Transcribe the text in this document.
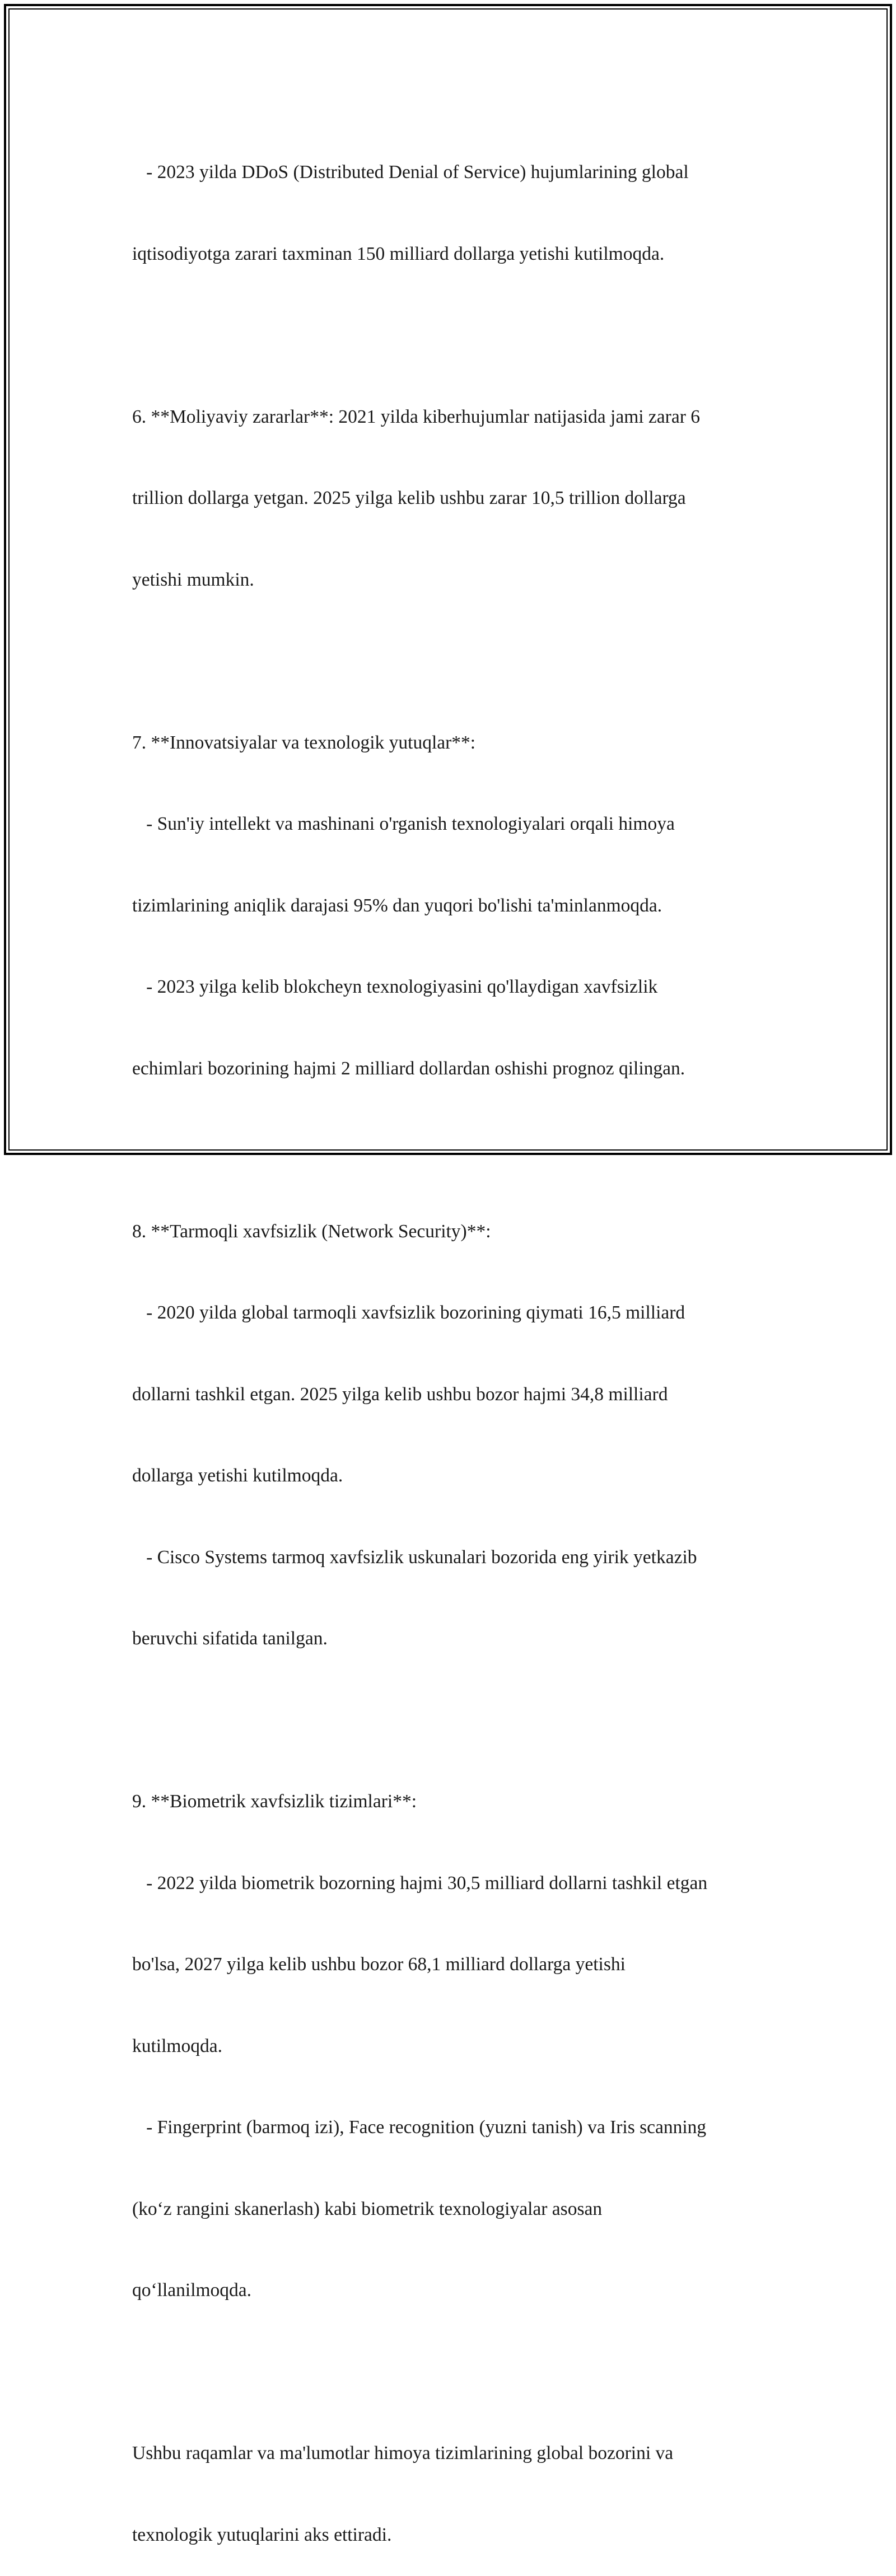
- 2023 yilda DDoS (Distributed Denial of Service) hujumlarining global

iqtisodiyotga zarari taxminan 150 milliard dollarga yetishi kutilmoqda.

6. **Moliyaviy zararlar**: 2021 yilda kiberhujumlar natijasida jami zarar 6

trillion dollarga yetgan. 2025 yilga kelib ushbu zarar 10,5 trillion dollarga

yetishi mumkin.

7. **Innovatsiyalar va texnologik yutuqlar**:

- Sun'iy intellekt va mashinani o'rganish texnologiyalari orqali himoya

tizimlarining aniqlik darajasi 95% dan yuqori bo'lishi ta'minlanmoqda.

- 2023 yilga kelib blokcheyn texnologiyasini qo'llaydigan xavfsizlik

echimlari bozorining hajmi 2 milliard dollardan oshishi prognoz qilingan.

8. **Tarmoqli xavfsizlik (Network Security)**:

- 2020 yilda global tarmoqli xavfsizlik bozorining qiymati 16,5 milliard

dollarni tashkil etgan. 2025 yilga kelib ushbu bozor hajmi 34,8 milliard

dollarga yetishi kutilmoqda.

- Cisco Systems tarmoq xavfsizlik uskunalari bozorida eng yirik yetkazib

beruvchi sifatida tanilgan.

9. **Biometrik xavfsizlik tizimlari**:

- 2022 yilda biometrik bozorning hajmi 30,5 milliard dollarni tashkil etgan

bo'lsa, 2027 yilga kelib ushbu bozor 68,1 milliard dollarga yetishi

kutilmoqda.

- Fingerprint (barmoq izi), Face recognition (yuzni tanish) va Iris scanning

(koʻz rangini skanerlash) kabi biometrik texnologiyalar asosan

qoʻllanilmoqda.

Ushbu raqamlar va ma'lumotlar himoya tizimlarining global bozorini va

texnologik yutuqlarini aks ettiradi.
